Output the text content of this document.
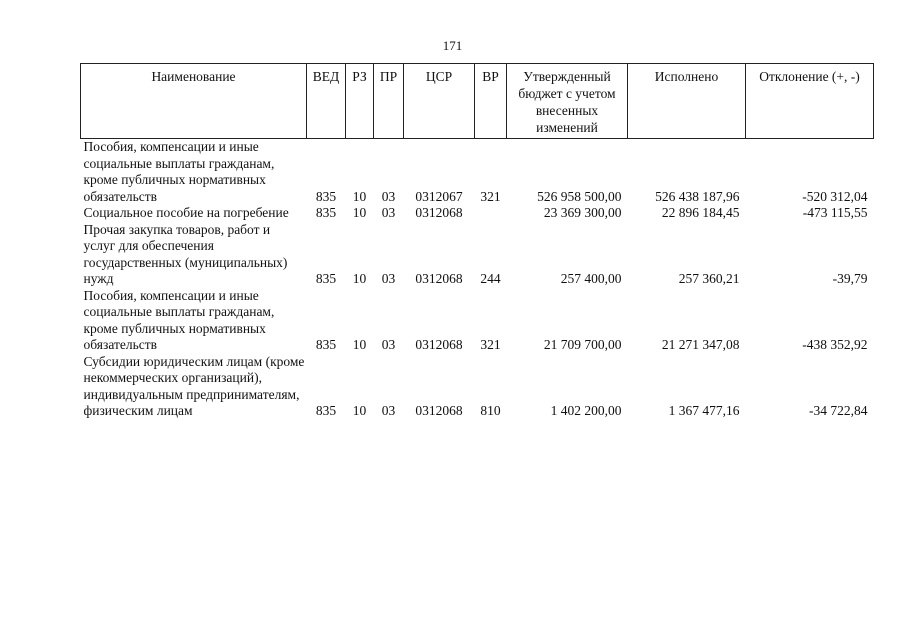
171
Наименование	ВЕД	РЗ	ПР	ЦСР	ВР	Утвержденный бюджет с учетом внесенных изменений	Исполнено	Отклонение (+, -)
Пособия, компенсации и иные социальные выплаты гражданам, кроме публичных нормативных обязательств	835	10	03	0312067	321	526 958 500,00	526 438 187,96	-520 312,04
Социальное пособие на погребение	835	10	03	0312068		23 369 300,00	22 896 184,45	-473 115,55
Прочая закупка товаров, работ и услуг для обеспечения государственных (муниципальных) нужд	835	10	03	0312068	244	257 400,00	257 360,21	-39,79
Пособия, компенсации и иные социальные выплаты гражданам, кроме публичных нормативных обязательств	835	10	03	0312068	321	21 709 700,00	21 271 347,08	-438 352,92
Субсидии юридическим лицам (кроме некоммерческих организаций), индивидуальным предпринимателям, физическим лицам	835	10	03	0312068	810	1 402 200,00	1 367 477,16	-34 722,84
